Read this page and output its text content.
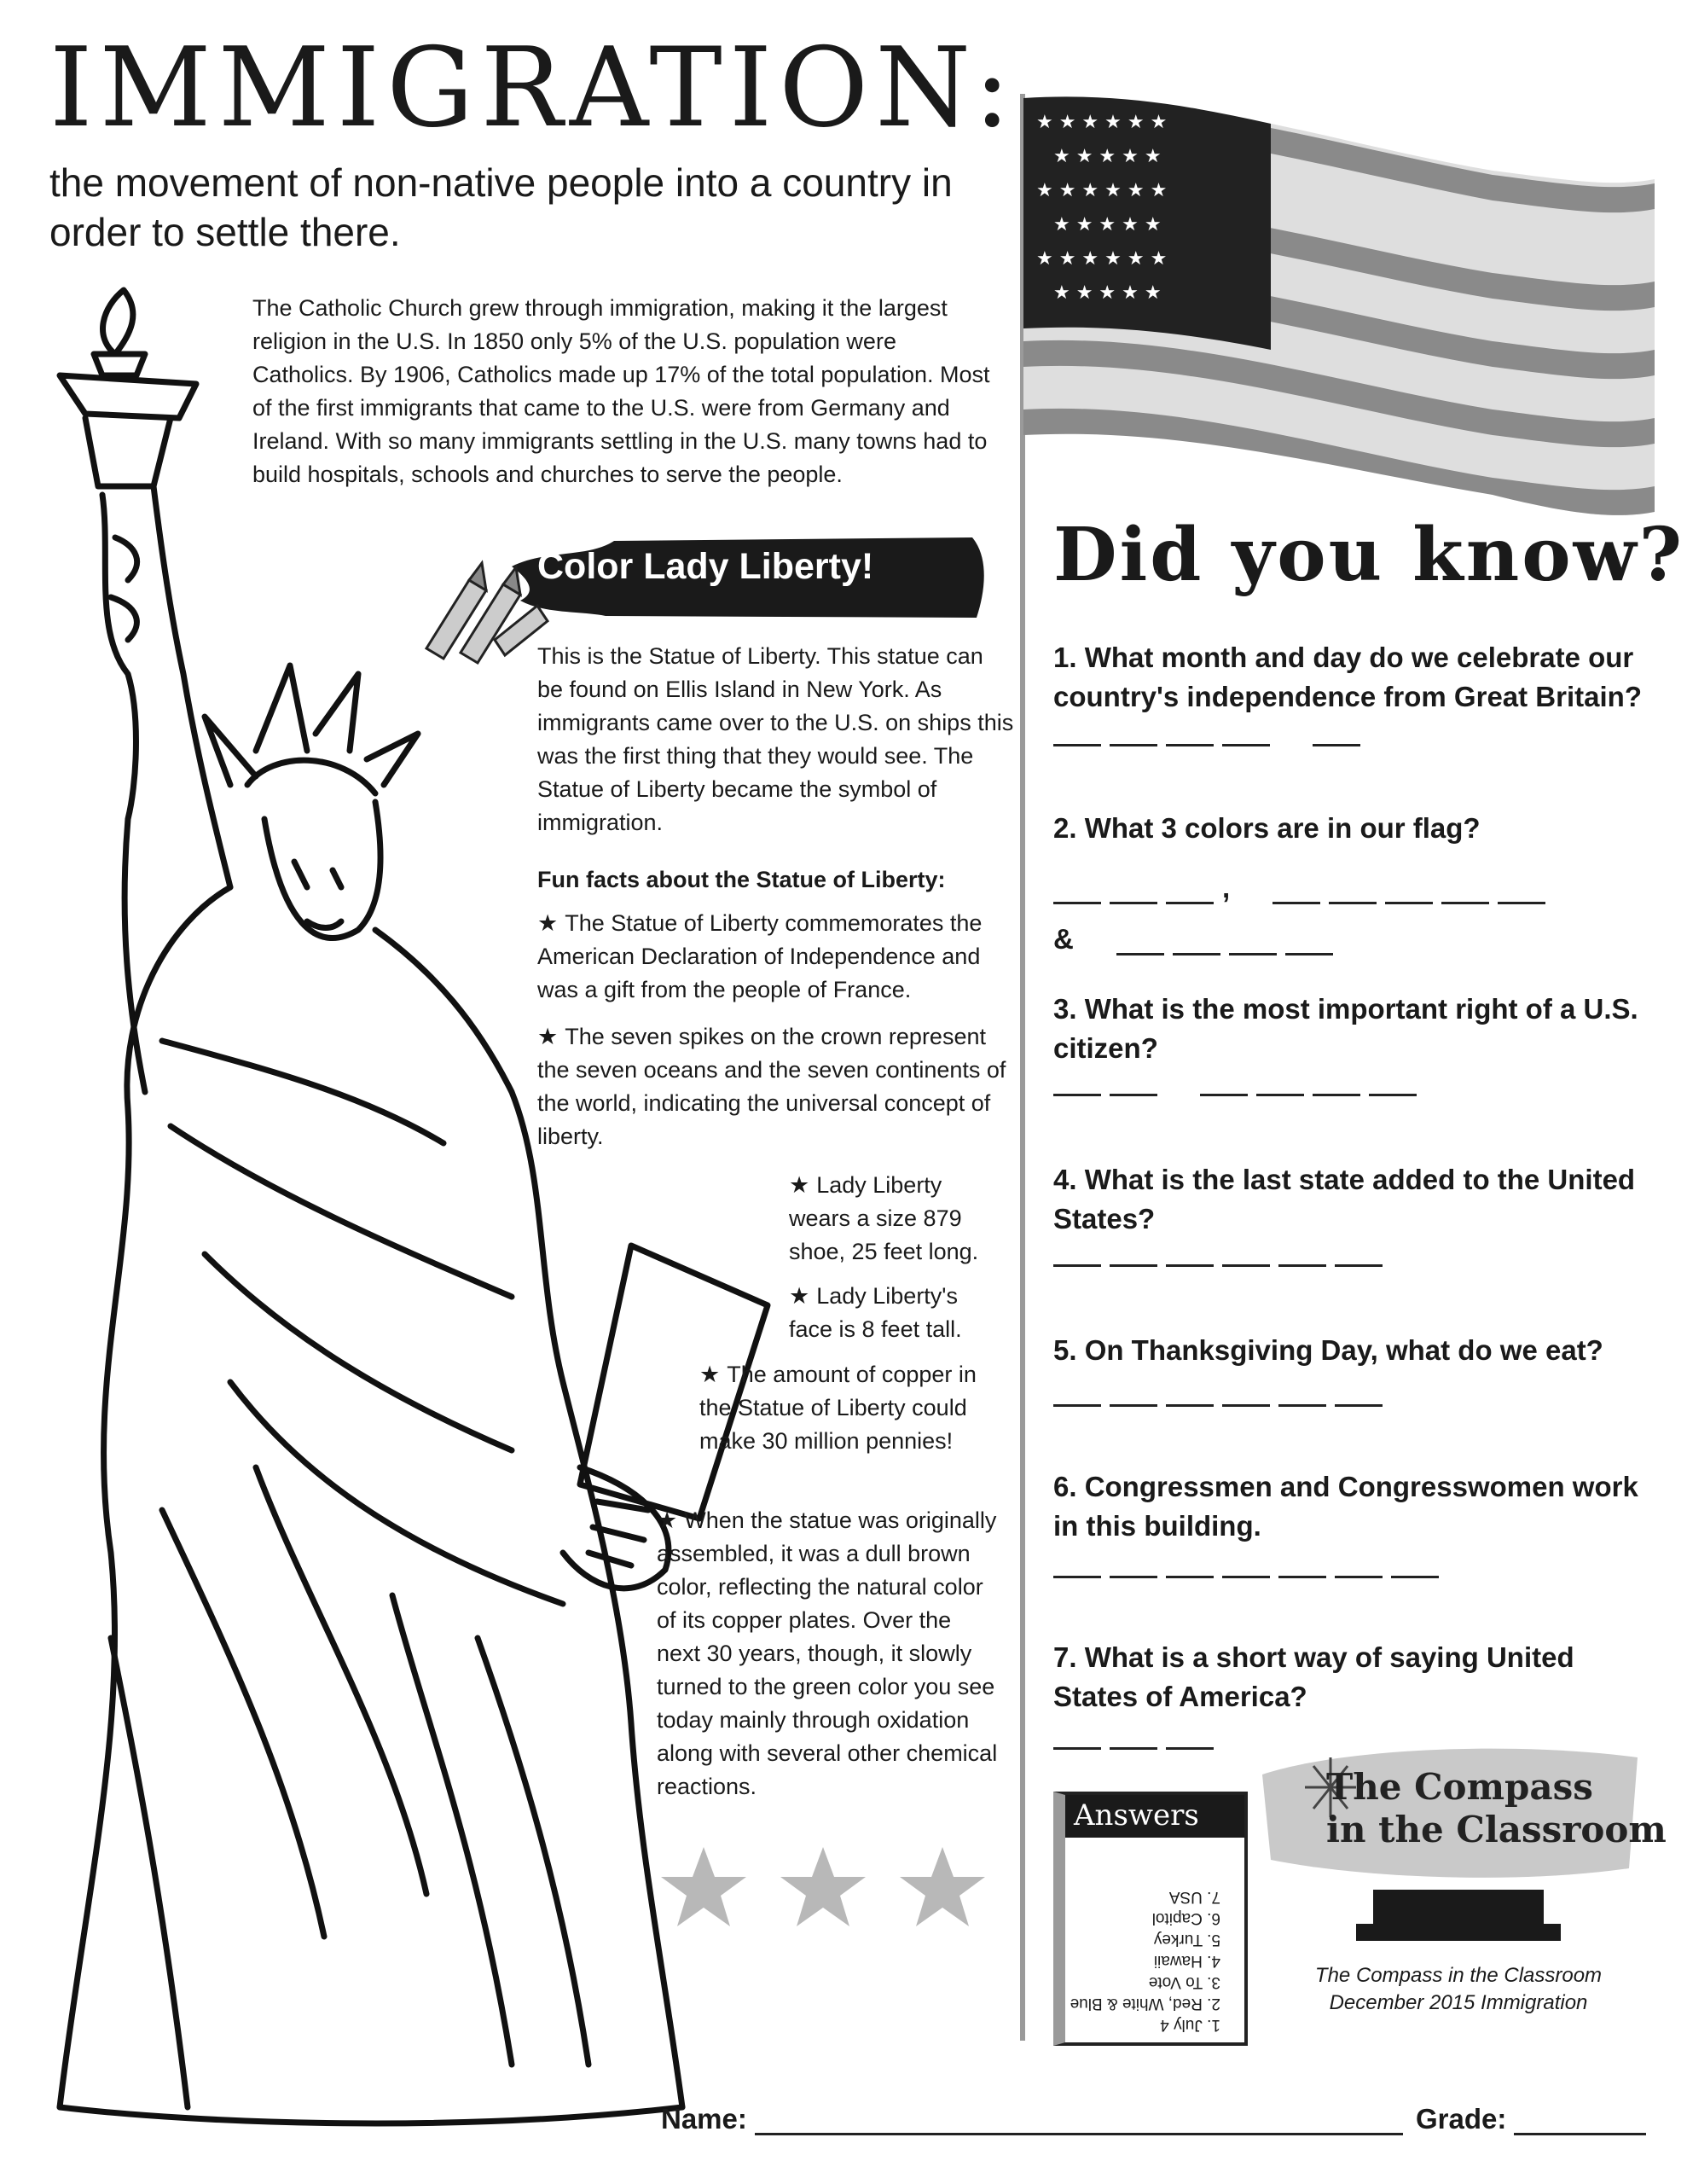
IMMIGRATION:

the movement of non-native people into a country in order to settle there.

The Catholic Church grew through immigration, making it the largest religion in the U.S. In 1850 only 5% of the U.S. population were Catholics. By 1906, Catholics made up 17% of the total population. Most of the first immigrants that came to the U.S. were from Germany and Ireland. With so many immigrants settling in the U.S. many towns had to build hospitals, schools and churches to serve the people.

Color Lady Liberty!

This is the Statue of Liberty. This statue can be found on Ellis Island in New York. As immigrants came over to the U.S. on ships this was the first thing that they would see. The Statue of Liberty became the symbol of immigration.

Fun facts about the Statue of Liberty:

★ The Statue of Liberty commemorates the American Declaration of Independence and was a gift from the people of France.

★ The seven spikes on the crown represent the seven oceans and the seven continents of the world, indicating the universal concept of liberty.

★ Lady Liberty wears a size 879 shoe, 25 feet long.

★ Lady Liberty's face is 8 feet tall.

★ The amount of copper in the Statue of Liberty could make 30 million pennies!

★ When the statue was originally assembled, it was a dull brown color, reflecting the natural color of its copper plates. Over the next 30 years, though, it slowly turned to the green color you see today mainly through oxidation along with several other chemical reactions.

★ ★ ★ ★ ★ ★
★ ★ ★ ★ ★
★ ★ ★ ★ ★ ★
★ ★ ★ ★ ★
★ ★ ★ ★ ★ ★
★ ★ ★ ★ ★
Did you know?

1. What month and day do we celebrate our country's independence from Great Britain?

2. What 3 colors are in our flag?

,
&

3. What is the most important right of a U.S. citizen?

4. What is the last state added to the United States?

5. On Thanksgiving Day, what do we eat?

6. Congressmen and Congresswomen work in this building.

7. What is a short way of saying United States of America?

Answers
1. July 4
2. Red, White & Blue
3. To Vote
4. Hawaii
5. Turkey
6. Capitol
7. USA
The Compass
in the Classroom

The Compass in the Classroom
December 2015 Immigration

Name:	Grade:
